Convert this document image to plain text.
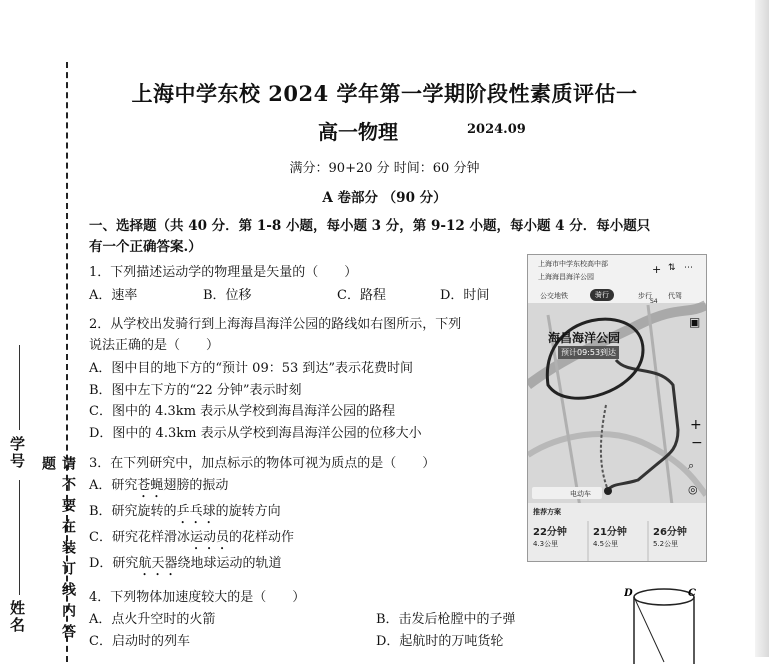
学号
姓名	请不要在装订线内答题
上海中学东校 2024 学年第一学期阶段性素质评估一
高一物理	2024.09
满分：90+20 分 时间：60 分钟
A 卷部分 （90 分）
一、选择题（共 40 分．第 1-8 小题，每小题 3 分，第 9-12 小题，每小题 4 分．每小题只
有一个正确答案.）
1．下列描述运动学的物理量是矢量的（　　）
A．速率	B．位移	C．路程	D．时间
2．从学校出发骑行到上海海昌海洋公园的路线如右图所示，下列
说法正确的是（　　）
A．图中目的地下方的“预计 09：53 到达”表示花费时间
B．图中左下方的“22 分钟”表示时刻
C．图中的 4.3km 表示从学校到海昌海洋公园的路程
D．图中的 4.3km 表示从学校到海昌海洋公园的位移大小
3．在下列研究中，加点标示的物体可视为质点的是（　　）
A．研究苍蝇翅膀的振动
B．研究旋转的乒乓球的旋转方向
C．研究花样滑冰运动员的花样动作
D．研究航天器绕地球运动的轨道
4．下列物体加速度较大的是（　　）
A．点火升空时的火箭	B．击发后枪膛中的子弹
C．启动时的列车	D．起航时的万吨货轮
上海市中学东校高中部
上海海昌海洋公园
+ ⇅ ⋯
公交地铁	骑行	步行 代驾
海昌海洋公园
预计09:53到达
S4
▣
+
−
⌕
◎
电动车
推荐方案
22分钟
4.3公里
21分钟
4.5公里
26分钟
5.2公里
D	C
